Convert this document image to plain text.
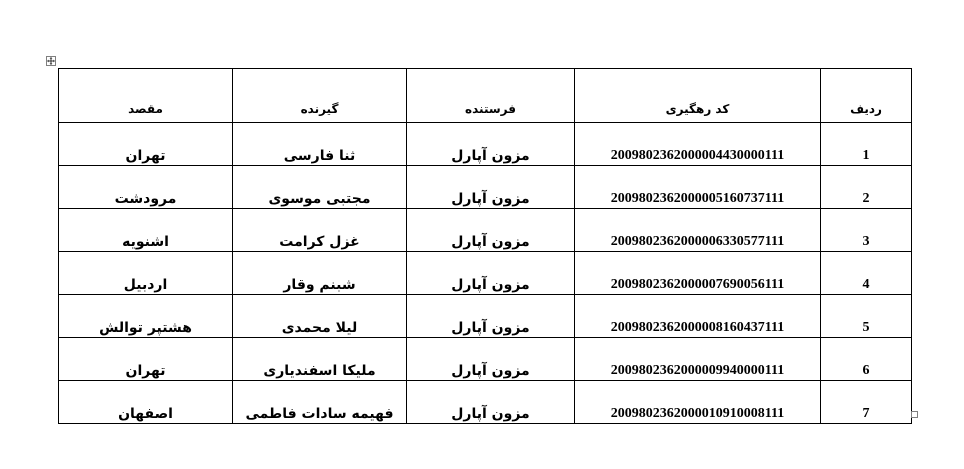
مقصد	گیرنده	فرستنده	کد رهگیری	ردیف
تهران	ثنا فارسی	مزون آپارل	2009802362000004430000111	1
مرودشت	مجتبی موسوی	مزون آپارل	2009802362000005160737111	2
اشنویه	غزل کرامت	مزون آپارل	2009802362000006330577111	3
اردبیل	شبنم وقار	مزون آپارل	2009802362000007690056111	4
هشتپر توالش	لیلا محمدی	مزون آپارل	2009802362000008160437111	5
تهران	ملیکا اسفندیاری	مزون آپارل	2009802362000009940000111	6
اصفهان	فهیمه سادات فاطمی	مزون آپارل	2009802362000010910008111	7
